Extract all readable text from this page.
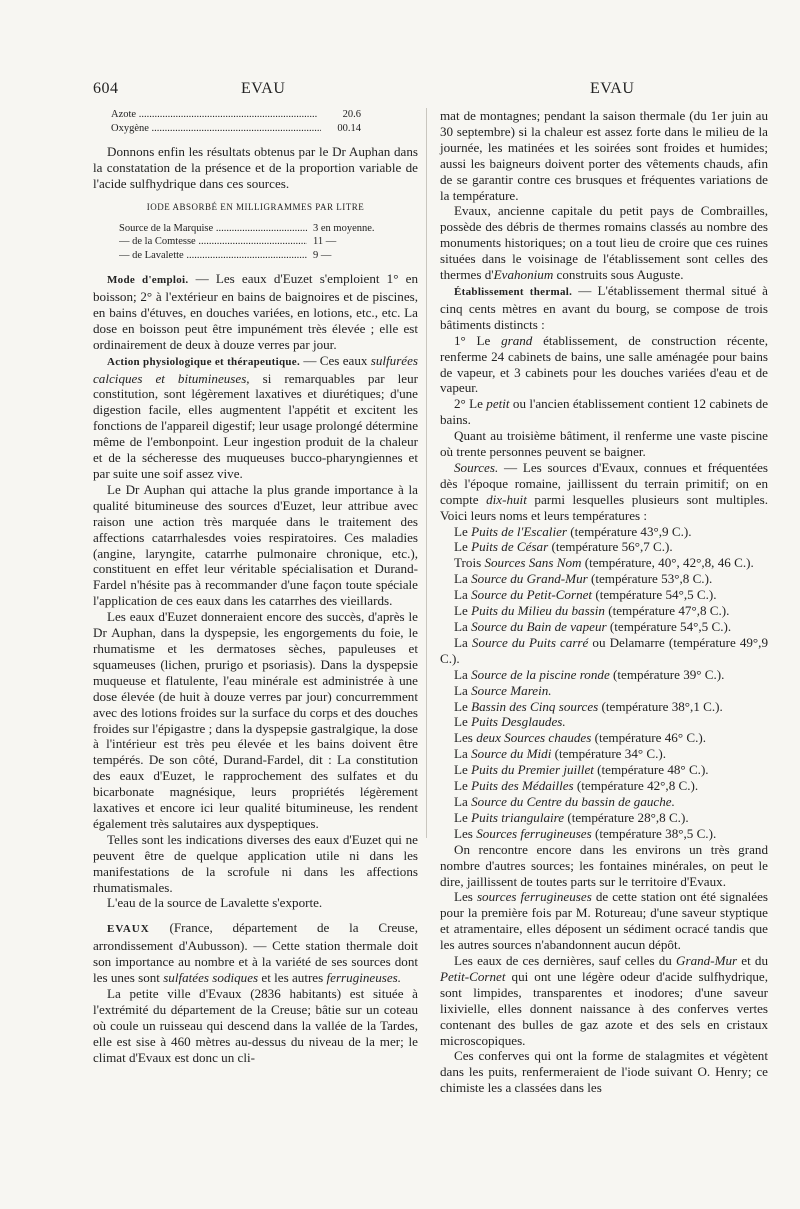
604	EVAU	EVAU
Azote .....	20.6
Oxygène .....	00.14

Donnons enfin les résultats obtenus par le Dr Auphan dans la constatation de la présence et de la proportion variable de l'acide sulfhydrique dans ces sources.

IODE ABSORBÉ EN MILLIGRAMMES PAR LITRE
Source de la Marquise .....	3 en moyenne.
— de la Comtesse .....	11 —
— de Lavalette .....	9 —

Mode d'emploi. — Les eaux d'Euzet s'emploient 1° en boisson; 2° à l'extérieur en bains de baignoires et de piscines, en bains d'étuves, en douches variées, en lotions, etc., etc. La dose en boisson peut être impunément très élevée ; elle est ordinairement de deux à douze verres par jour.

Action physiologique et thérapeutique. — Ces eaux sulfurées calciques et bitumineuses, si remarquables par leur constitution, sont légèrement laxatives et diurétiques; d'une digestion facile, elles augmentent l'appétit et excitent les fonctions de l'appareil digestif; leur usage prolongé détermine même de l'embonpoint. Leur ingestion produit de la chaleur et de la sécheresse des muqueuses bucco-pharyngiennes et par suite une soif assez vive.

Le Dr Auphan qui attache la plus grande importance à la qualité bitumineuse des sources d'Euzet, leur attribue avec raison une action très marquée dans le traitement des affections catarrhalesdes voies respiratoires. Ces maladies (angine, laryngite, catarrhe pulmonaire chronique, etc.), constituent en effet leur véritable spécialisation et Durand-Fardel n'hésite pas à recommander d'une façon toute spéciale l'application de ces eaux dans les catarrhes des vieillards.

Les eaux d'Euzet donneraient encore des succès, d'après le Dr Auphan, dans la dyspepsie, les engorgements du foie, le rhumatisme et les dermatoses sèches, papuleuses et squameuses (lichen, prurigo et psoriasis). Dans la dyspepsie muqueuse et flatulente, l'eau minérale est administrée à une dose élevée (de huit à douze verres par jour) concurremment avec des lotions froides sur la surface du corps et des douches froides sur l'épigastre ; dans la dyspepsie gastralgique, la dose à l'intérieur est très peu élevée et les bains doivent être tempérés. De son côté, Durand-Fardel, dit : La constitution des eaux d'Euzet, le rapprochement des sulfates et du bicarbonate magnésique, leurs propriétés légèrement laxatives et encore ici leur qualité bitumineuse, les rendent également très salutaires aux dyspeptiques.

Telles sont les indications diverses des eaux d'Euzet qui ne peuvent être de quelque application utile ni dans les manifestations de la scrofule ni dans les affections rhumatismales.

L'eau de la source de Lavalette s'exporte.

EVAUX (France, département de la Creuse, arrondissement d'Aubusson). — Cette station thermale doit son importance au nombre et à la variété de ses sources dont les unes sont sulfatées sodiques et les autres ferrugineuses.

La petite ville d'Evaux (2836 habitants) est située à l'extrémité du département de la Creuse; bâtie sur un coteau où coule un ruisseau qui descend dans la vallée de la Tardes, elle est sise à 460 mètres au-dessus du niveau de la mer; le climat d'Evaux est donc un cli-

mat de montagnes; pendant la saison thermale (du 1er juin au 30 septembre) si la chaleur est assez forte dans le milieu de la journée, les matinées et les soirées sont froides et humides; aussi les baigneurs doivent porter des vêtements chauds, afin de se garantir contre ces brusques et fréquentes variations de la température.

Evaux, ancienne capitale du petit pays de Combrailles, possède des débris de thermes romains classés au nombre des monuments historiques; on a tout lieu de croire que ces ruines situées dans le voisinage de l'établissement sont celles des thermes d'Evahonium construits sous Auguste.

Établissement thermal. — L'établissement thermal situé à cinq cents mètres en avant du bourg, se compose de trois bâtiments distincts :

1° Le grand établissement, de construction récente, renferme 24 cabinets de bains, une salle aménagée pour bains de vapeur, et 3 cabinets pour les douches variées d'eau et de vapeur.

2° Le petit ou l'ancien établissement contient 12 cabinets de bains.

Quant au troisième bâtiment, il renferme une vaste piscine où trente personnes peuvent se baigner.

Sources. — Les sources d'Evaux, connues et fréquentées dès l'époque romaine, jaillissent du terrain primitif; on en compte dix-huit parmi lesquelles plusieurs sont multiples. Voici leurs noms et leurs températures :

Le Puits de l'Escalier (température 43°,9 C.).

Le Puits de César (température 56°,7 C.).

Trois Sources Sans Nom (température, 40°, 42°,8, 46 C.).

La Source du Grand-Mur (température 53°,8 C.).

La Source du Petit-Cornet (température 54°,5 C.).

Le Puits du Milieu du bassin (température 47°,8 C.).

La Source du Bain de vapeur (température 54°,5 C.).

La Source du Puits carré ou Delamarre (température 49°,9 C.).

La Source de la piscine ronde (température 39° C.).

La Source Marein.

Le Bassin des Cinq sources (température 38°,1 C.).

Le Puits Desglaudes.

Les deux Sources chaudes (température 46° C.).

La Source du Midi (température 34° C.).

Le Puits du Premier juillet (température 48° C.).

Le Puits des Médailles (température 42°,8 C.).

La Source du Centre du bassin de gauche.

Le Puits triangulaire (température 28°,8 C.).

Les Sources ferrugineuses (température 38°,5 C.).

On rencontre encore dans les environs un très grand nombre d'autres sources; les fontaines minérales, on peut le dire, jaillissent de toutes parts sur le territoire d'Evaux.

Les sources ferrugineuses de cette station ont été signalées pour la première fois par M. Rotureau; d'une saveur styptique et atramentaire, elles déposent un sédiment ocracé tandis que les autres sources n'abandonnent aucun dépôt.

Les eaux de ces dernières, sauf celles du Grand-Mur et du Petit-Cornet qui ont une légère odeur d'acide sulfhydrique, sont limpides, transparentes et inodores; d'une saveur lixivielle, elles donnent naissance à des conferves vertes contenant des bulles de gaz azote et des sels en cristaux microscopiques.

Ces conferves qui ont la forme de stalagmites et végètent dans les puits, renfermeraient de l'iode suivant O. Henry; ce chimiste les a classées dans les
